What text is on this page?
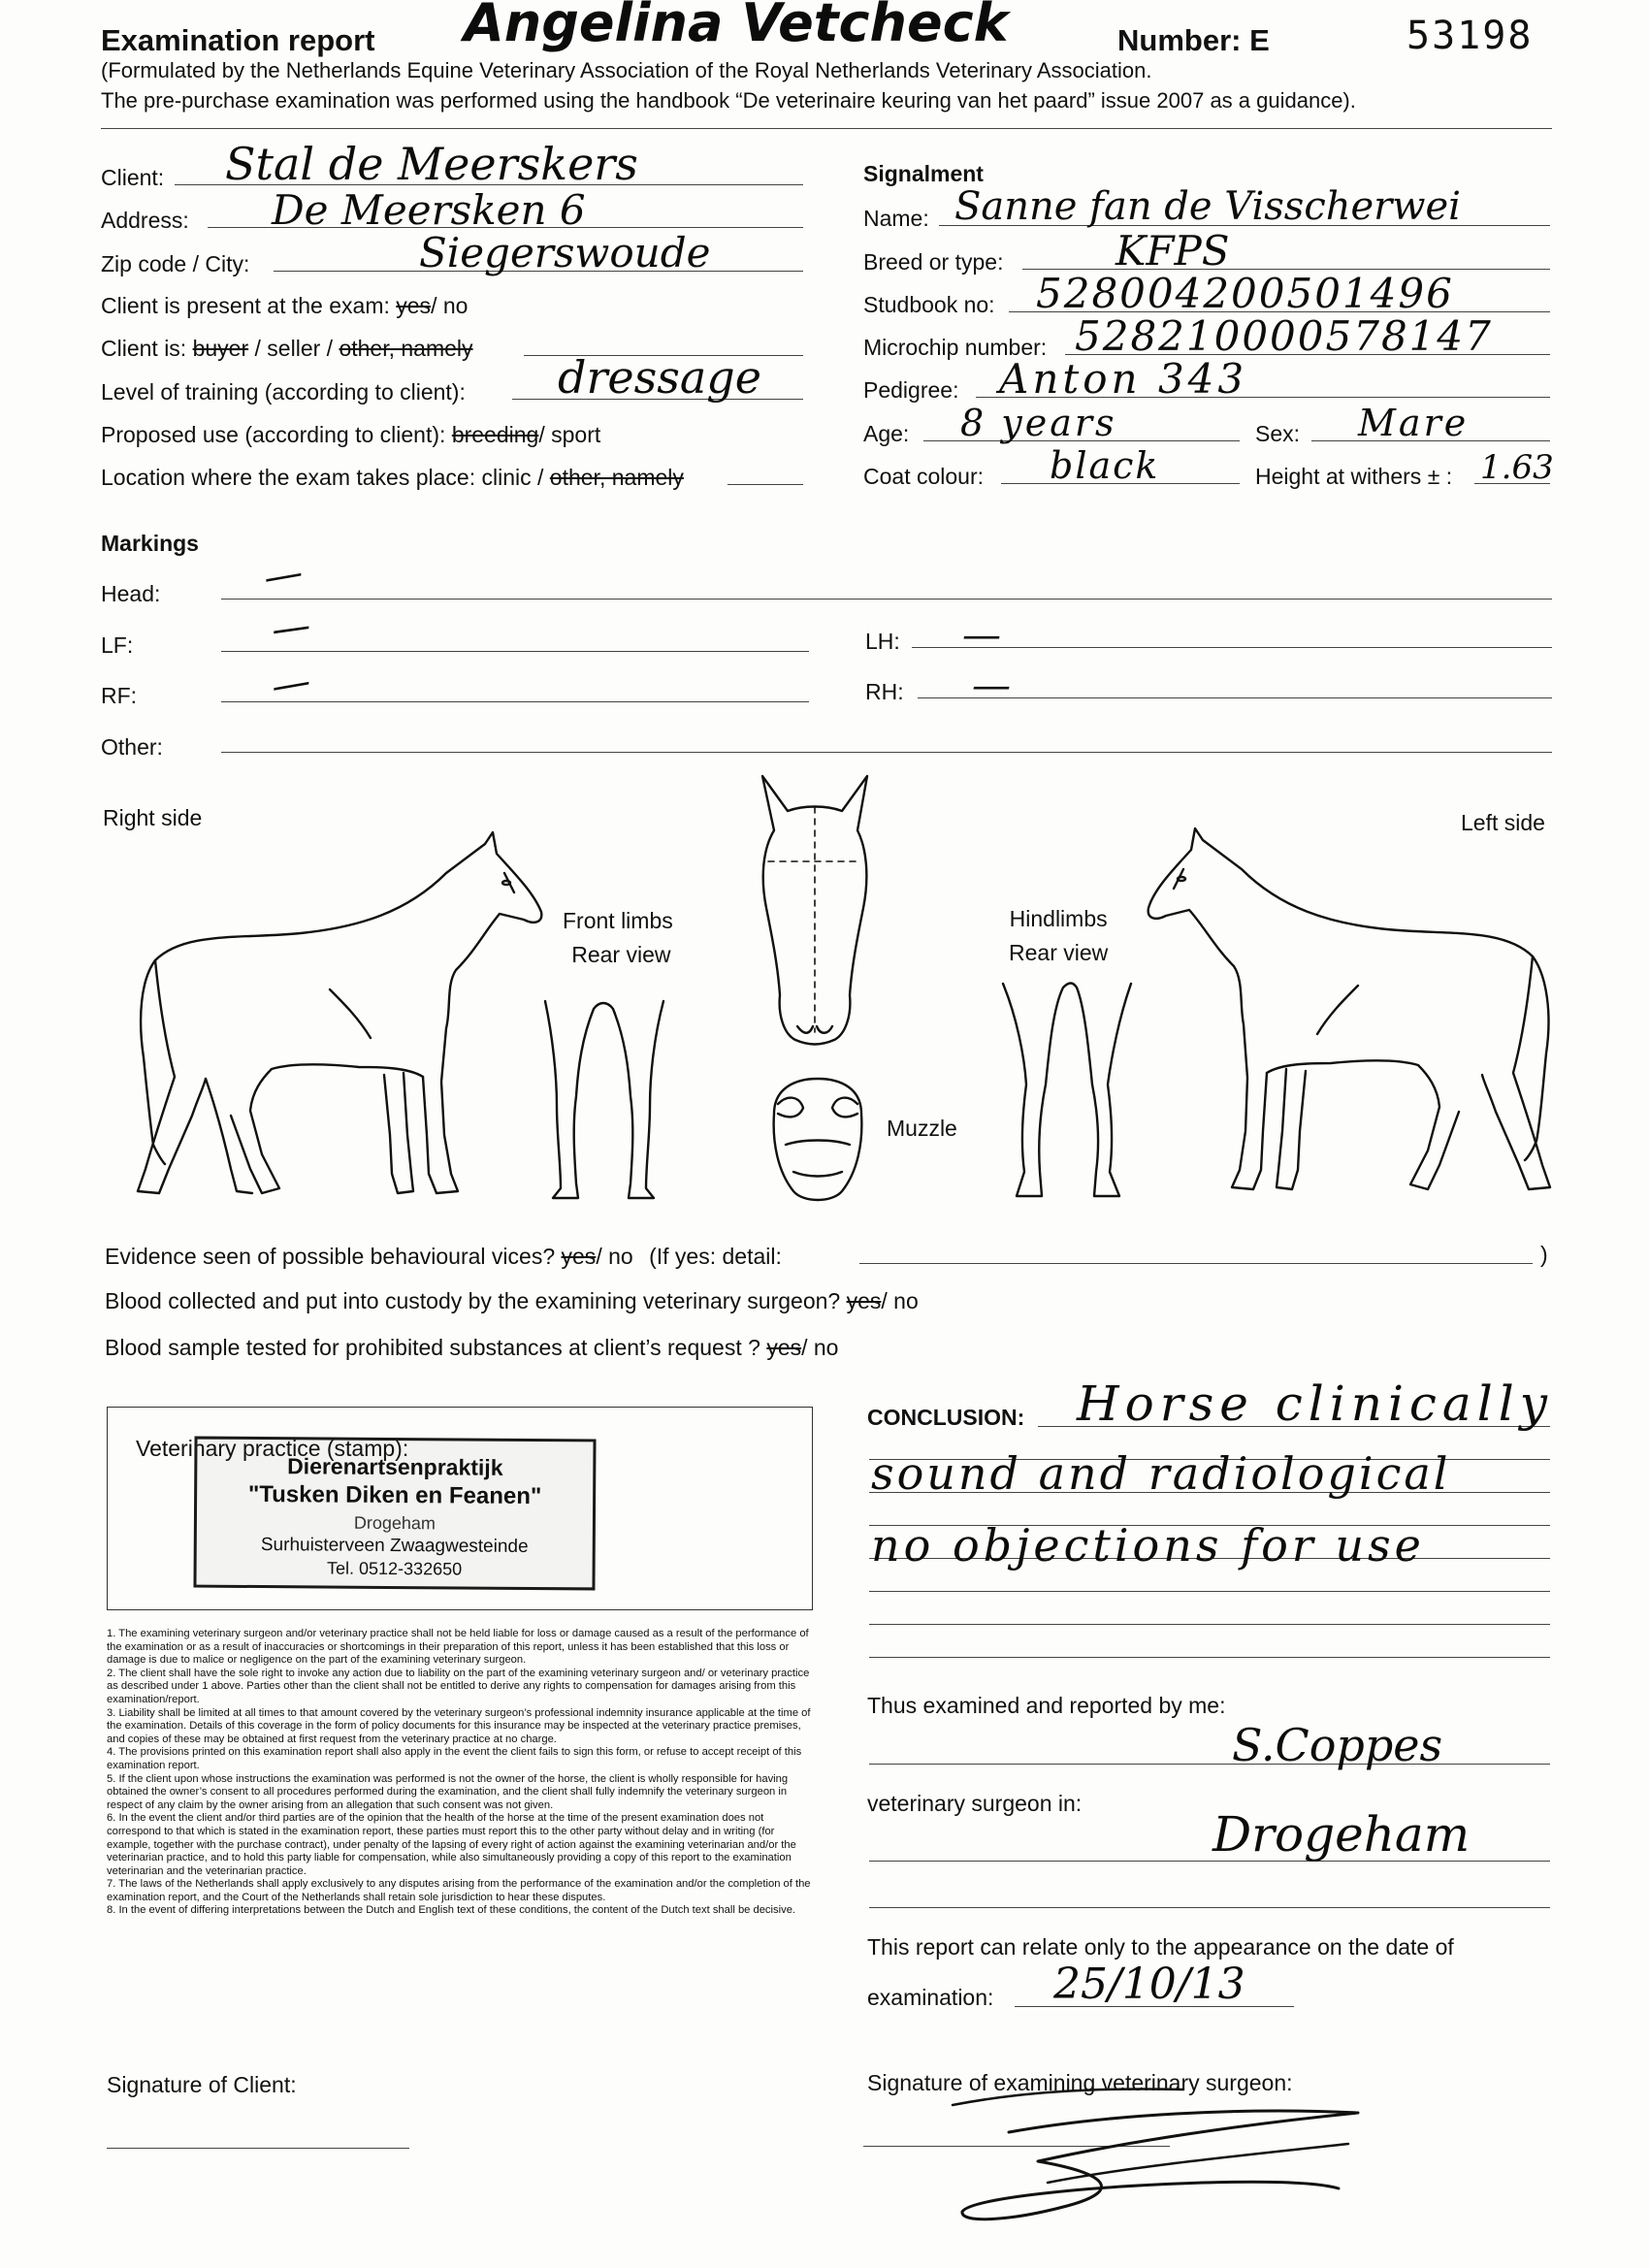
Examination report Angelina Vetcheck	Number: E	53198
(Formulated by the Netherlands Equine Veterinary Association of the Royal Netherlands Veterinary Association.
The pre-purchase examination was performed using the handbook “De veterinaire keuring van het paard” issue 2007 as a guidance).
Client: Stal de Meerskers
Address: De Meersken 6
Zip code / City:	Siegerswoude
Client is present at the exam: yes/ no
Client is: buyer / seller / other, namely
Level of training (according to client): dressage
Proposed use (according to client): breeding/ sport
Location where the exam takes place: clinic / other, namely
Signalment
Name: Sanne fan de Visscherwei
Breed or type:	KFPS
Studbook no: 528004200501496
Microchip number: 528210000578147
Pedigree: Anton 343
Age: 8 years	Sex: Mare
Coat colour: black	Height at withers ± : 1.63
Markings
Head:	—
LF:	—	LH: —
RF:	—	RH: —
Other:
Right side	Left side
Front limbs
Rear view
Hindlimbs
Rear view
Muzzle
Evidence seen of possible behavioural vices? yes/ no (If yes: detail:	)
Blood collected and put into custody by the examining veterinary surgeon? yes/ no
Blood sample tested for prohibited substances at client’s request ? yes/ no
Veterinary practice (stamp):
Dierenartsenpraktijk
"Tusken Diken en Feanen"
Drogeham
Surhuisterveen Zwaagwesteinde
Tel. 0512-332650
1. The examining veterinary surgeon and/or veterinary practice shall not be held liable for loss or damage caused as a result of the performance of the examination or as a result of inaccuracies or shortcomings in their preparation of this report, unless it has been established that this loss or damage is due to malice or negligence on the part of the examining veterinary surgeon.
2. The client shall have the sole right to invoke any action due to liability on the part of the examining veterinary surgeon and/ or veterinary practice as described under 1 above. Parties other than the client shall not be entitled to derive any rights to compensation for damages arising from this examination/report.
3. Liability shall be limited at all times to that amount covered by the veterinary surgeon’s professional indemnity insurance applicable at the time of the examination. Details of this coverage in the form of policy documents for this insurance may be inspected at the veterinary practice premises, and copies of these may be obtained at first request from the veterinary practice at no charge.
4. The provisions printed on this examination report shall also apply in the event the client fails to sign this form, or refuse to accept receipt of this examination report.
5. If the client upon whose instructions the examination was performed is not the owner of the horse, the client is wholly responsible for having obtained the owner’s consent to all procedures performed during the examination, and the client shall fully indemnify the veterinary surgeon in respect of any claim by the owner arising from an allegation that such consent was not given.
6. In the event the client and/or third parties are of the opinion that the health of the horse at the time of the present examination does not correspond to that which is stated in the examination report, these parties must report this to the other party without delay and in writing (for example, together with the purchase contract), under penalty of the lapsing of every right of action against the examining veterinarian and/or the veterinarian practice, and to hold this party liable for compensation, while also simultaneously providing a copy of this report to the examination veterinarian and the veterinarian practice.
7. The laws of the Netherlands shall apply exclusively to any disputes arising from the performance of the examination and/or the completion of the examination report, and the Court of the Netherlands shall retain sole jurisdiction to hear these disputes.
8. In the event of differing interpretations between the Dutch and English text of these conditions, the content of the Dutch text shall be decisive.
CONCLUSION: Horse clinically
sound and radiological
no objections for use
Thus examined and reported by me:
S.Coppes
veterinary surgeon in:
Drogeham
This report can relate only to the appearance on the date of
examination: 25/10/13
Signature of Client:	Signature of examining veterinary surgeon:
